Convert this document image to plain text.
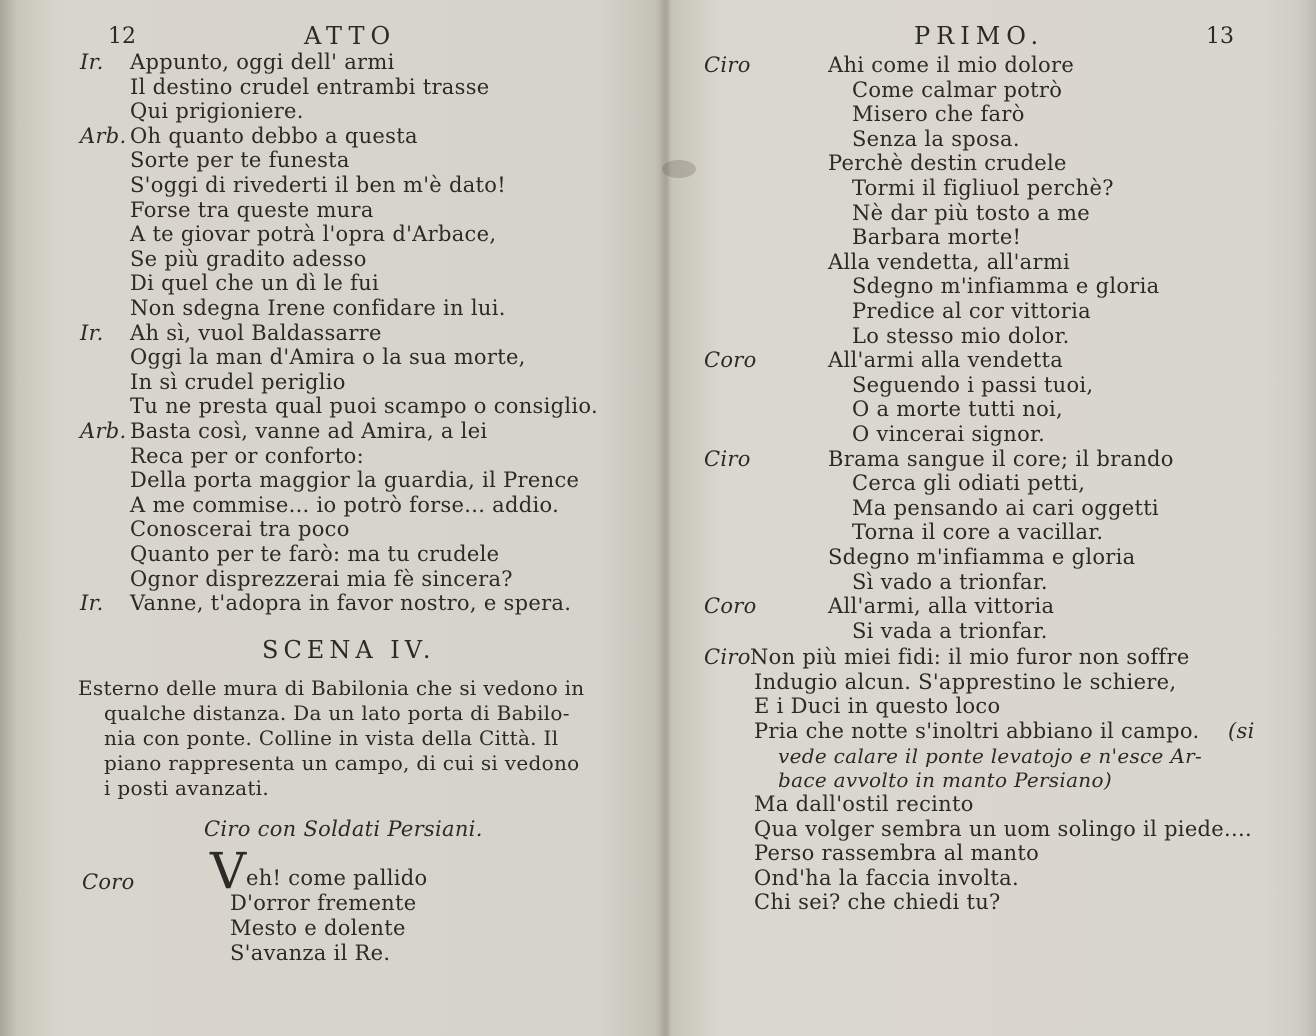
12	ATTO
Ir. Appunto, oggi dell' armi
Il destino crudel entrambi trasse
Qui prigioniere.
Arb. Oh quanto debbo a questa
Sorte per te funesta
S'oggi di rivederti il ben m'è dato!
Forse tra queste mura
A te giovar potrà l'opra d'Arbace,
Se più gradito adesso
Di quel che un dì le fui
Non sdegna Irene confidare in lui.
Ir. Ah sì, vuol Baldassarre
Oggi la man d'Amira o la sua morte,
In sì crudel periglio
Tu ne presta qual puoi scampo o consiglio.
Arb. Basta così, vanne ad Amira, a lei
Reca per or conforto:
Della porta maggior la guardia, il Prence
A me commise... io potrò forse... addio.
Conoscerai tra poco
Quanto per te farò: ma tu crudele
Ognor disprezzerai mia fè sincera?
Ir. Vanne, t'adopra in favor nostro, e spera.
SCENA IV.
Esterno delle mura di Babilonia che si vedono in
qualche distanza. Da un lato porta di Babilo-
nia con ponte. Colline in vista della Città. Il
piano rappresenta un campo, di cui si vedono
i posti avanzati.
Ciro con Soldati Persiani.
Coro V eh! come pallido
D'orror fremente
Mesto e dolente
S'avanza il Re.
PRIMO.	13
Ciro	Ahi come il mio dolore
Come calmar potrò
Misero che farò
Senza la sposa.
Perchè destin crudele
Tormi il figliuol perchè?
Nè dar più tosto a me
Barbara morte!
Alla vendetta, all'armi
Sdegno m'infiamma e gloria
Predice al cor vittoria
Lo stesso mio dolor.
Coro	All'armi alla vendetta
Seguendo i passi tuoi,
O a morte tutti noi,
O vincerai signor.
Ciro	Brama sangue il core; il brando
Cerca gli odiati petti,
Ma pensando ai cari oggetti
Torna il core a vacillar.
Sdegno m'infiamma e gloria
Sì vado a trionfar.
Coro	All'armi, alla vittoria
Si vada a trionfar.
Ciro Non più miei fidi: il mio furor non soffre
Indugio alcun. S'apprestino le schiere,
E i Duci in questo loco
Pria che notte s'inoltri abbiano il campo. (si
vede calare il ponte levatojo e n'esce Ar-
bace avvolto in manto Persiano)
Ma dall'ostil recinto
Qua volger sembra un uom solingo il piede....
Perso rassembra al manto
Ond'ha la faccia involta.
Chi sei? che chiedi tu?
